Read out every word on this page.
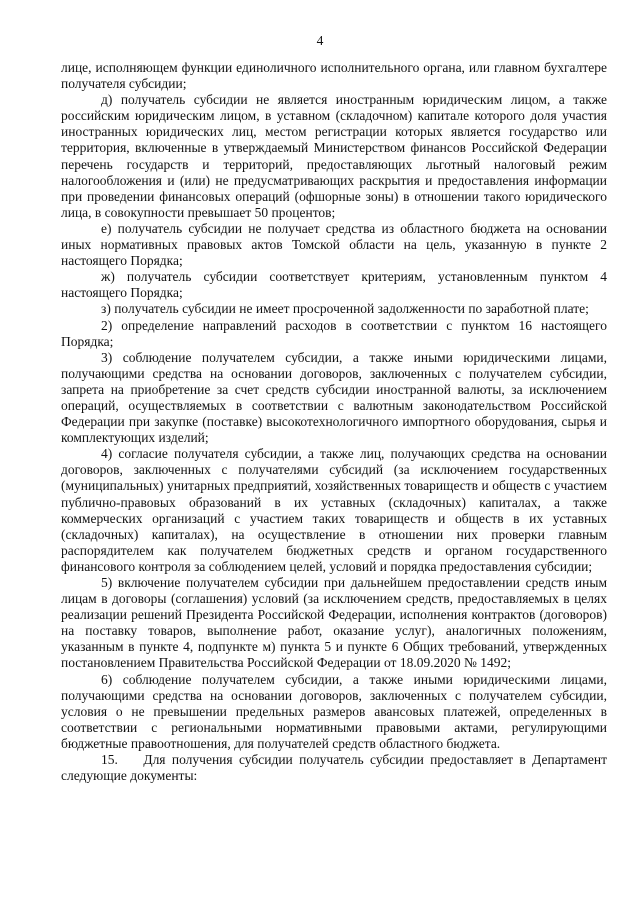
4

лице, исполняющем функции единоличного исполнительного органа, или главном бухгалтере получателя субсидии;

д) получатель субсидии не является иностранным юридическим лицом, а также российским юридическим лицом, в уставном (складочном) капитале которого доля участия иностранных юридических лиц, местом регистрации которых является государство или территория, включенные в утверждаемый Министерством финансов Российской Федерации перечень государств и территорий, предоставляющих льготный налоговый режим налогообложения и (или) не предусматривающих раскрытия и предоставления информации при проведении финансовых операций (офшорные зоны) в отношении такого юридического лица, в совокупности превышает 50 процентов;

е) получатель субсидии не получает средства из областного бюджета на основании иных нормативных правовых актов Томской области на цель, указанную в пункте 2 настоящего Порядка;

ж) получатель субсидии соответствует критериям, установленным пунктом 4 настоящего Порядка;

з) получатель субсидии не имеет просроченной задолженности по заработной плате;

2) определение направлений расходов в соответствии с пунктом 16 настоящего Порядка;

3) соблюдение получателем субсидии, а также иными юридическими лицами, получающими средства на основании договоров, заключенных с получателем субсидии, запрета на приобретение за счет средств субсидии иностранной валюты, за исключением операций, осуществляемых в соответствии с валютным законодательством Российской Федерации при закупке (поставке) высокотехнологичного импортного оборудования, сырья и комплектующих изделий;

4) согласие получателя субсидии, а также лиц, получающих средства на основании договоров, заключенных с получателями субсидий (за исключением государственных (муниципальных) унитарных предприятий, хозяйственных товариществ и обществ с участием публично-правовых образований в их уставных (складочных) капиталах, а также коммерческих организаций с участием таких товариществ и обществ в их уставных (складочных) капиталах), на осуществление в отношении них проверки главным распорядителем как получателем бюджетных средств и органом государственного финансового контроля за соблюдением целей, условий и порядка предоставления субсидии;

5) включение получателем субсидии при дальнейшем предоставлении средств иным лицам в договоры (соглашения) условий (за исключением средств, предоставляемых в целях реализации решений Президента Российской Федерации, исполнения контрактов (договоров) на поставку товаров, выполнение работ, оказание услуг), аналогичных положениям, указанным в пункте 4, подпункте м) пункта 5 и пункте 6 Общих требований, утвержденных постановлением Правительства Российской Федерации от 18.09.2020 № 1492;

6) соблюдение получателем субсидии, а также иными юридическими лицами, получающими средства на основании договоров, заключенных с получателем субсидии, условия о не превышении предельных размеров авансовых платежей, определенных в соответствии с региональными нормативными правовыми актами, регулирующими бюджетные правоотношения, для получателей средств областного бюджета.

15.    Для получения субсидии получатель субсидии предоставляет в Департамент следующие документы:
